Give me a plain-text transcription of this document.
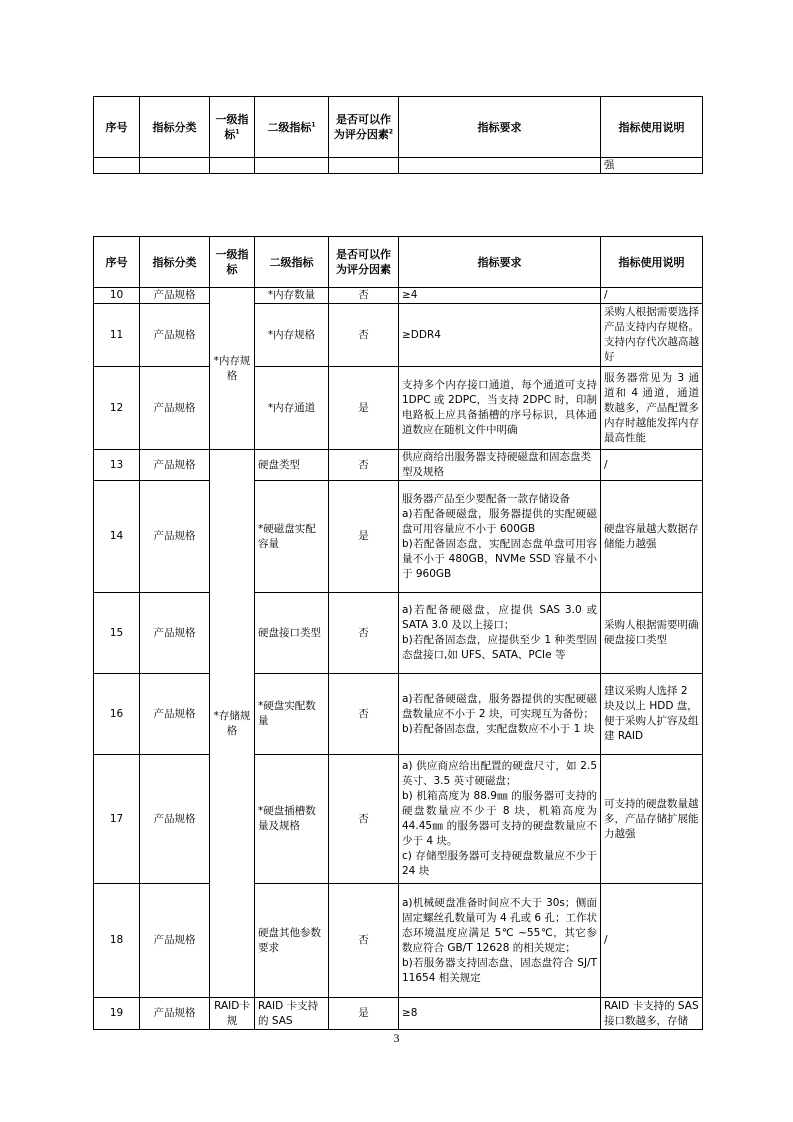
序号	指标分类	一级指标$^1$	二级指标$^1$	是否可以作为评分因素$^2$	指标要求	指标使用说明
						强
序号	指标分类	一级指标	二级指标	是否可以作为评分因素	指标要求	指标使用说明
10	产品规格	*内存规格	*内存数量	否	≥4	/
11	产品规格		*内存规格	否	≥DDR4	采购人根据需要选择产品支持内存规格。支持内存代次越高越好
12	产品规格		*内存通道	是	支持多个内存接口通道，每个通道可支持 1DPC 或 2DPC，当支持 2DPC 时，印制电路板上应具备插槽的序号标识，具体通道数应在随机文件中明确	服务器常见为 3 通道和 4 通道，通道数越多，产品配置多内存时越能发挥内存最高性能
13	产品规格	*存储规格	硬盘类型	否	供应商给出服务器支持硬磁盘和固态盘类型及规格	/
14	产品规格		*硬磁盘实配容量	是	服务器产品至少要配备一款存储设备
a)若配备硬磁盘，服务器提供的实配硬磁盘可用容量应不小于 600GB
b)若配备固态盘，实配固态盘单盘可用容量不小于 480GB，NVMe SSD 容量不小于 960GB	硬盘容量越大数据存储能力越强
15	产品规格		硬盘接口类型	否	a)若配备硬磁盘，应提供 SAS 3.0 或 SATA 3.0 及以上接口；
b)若配备固态盘，应提供至少 1 种类型固态盘接口,如 UFS、SATA、PCIe 等	采购人根据需要明确硬盘接口类型
16	产品规格		*硬盘实配数量	否	a)若配备硬磁盘，服务器提供的实配硬磁盘数量应不小于 2 块，可实现互为备份；
b)若配备固态盘，实配盘数应不小于 1 块	建议采购人选择 2 块及以上 HDD 盘，便于采购人扩容及组建 RAID
17	产品规格		*硬盘插槽数量及规格	否	a) 供应商应给出配置的硬盘尺寸，如 2.5 英寸、3.5 英寸硬磁盘；
b) 机箱高度为 88.9㎜ 的服务器可支持的硬盘数量应不少于 8 块，机箱高度为 44.45㎜ 的服务器可支持的硬盘数量应不少于 4 块。
c) 存储型服务器可支持硬盘数量应不少于 24 块	可支持的硬盘数量越多，产品存储扩展能力越强
18	产品规格		硬盘其他参数要求	否	a)机械硬盘准备时间应不大于 30s；侧面固定螺丝孔数量可为 4 孔或 6 孔；工作状态环境温度应满足 5℃ ~55℃，其它参数应符合 GB/T 12628 的相关规定；
b)若服务器支持固态盘，固态盘符合 SJ/T 11654 相关规定	/
19	产品规格	RAID卡规	RAID 卡支持的 SAS	是	≥8	RAID 卡支持的 SAS 接口数越多，存储
3
